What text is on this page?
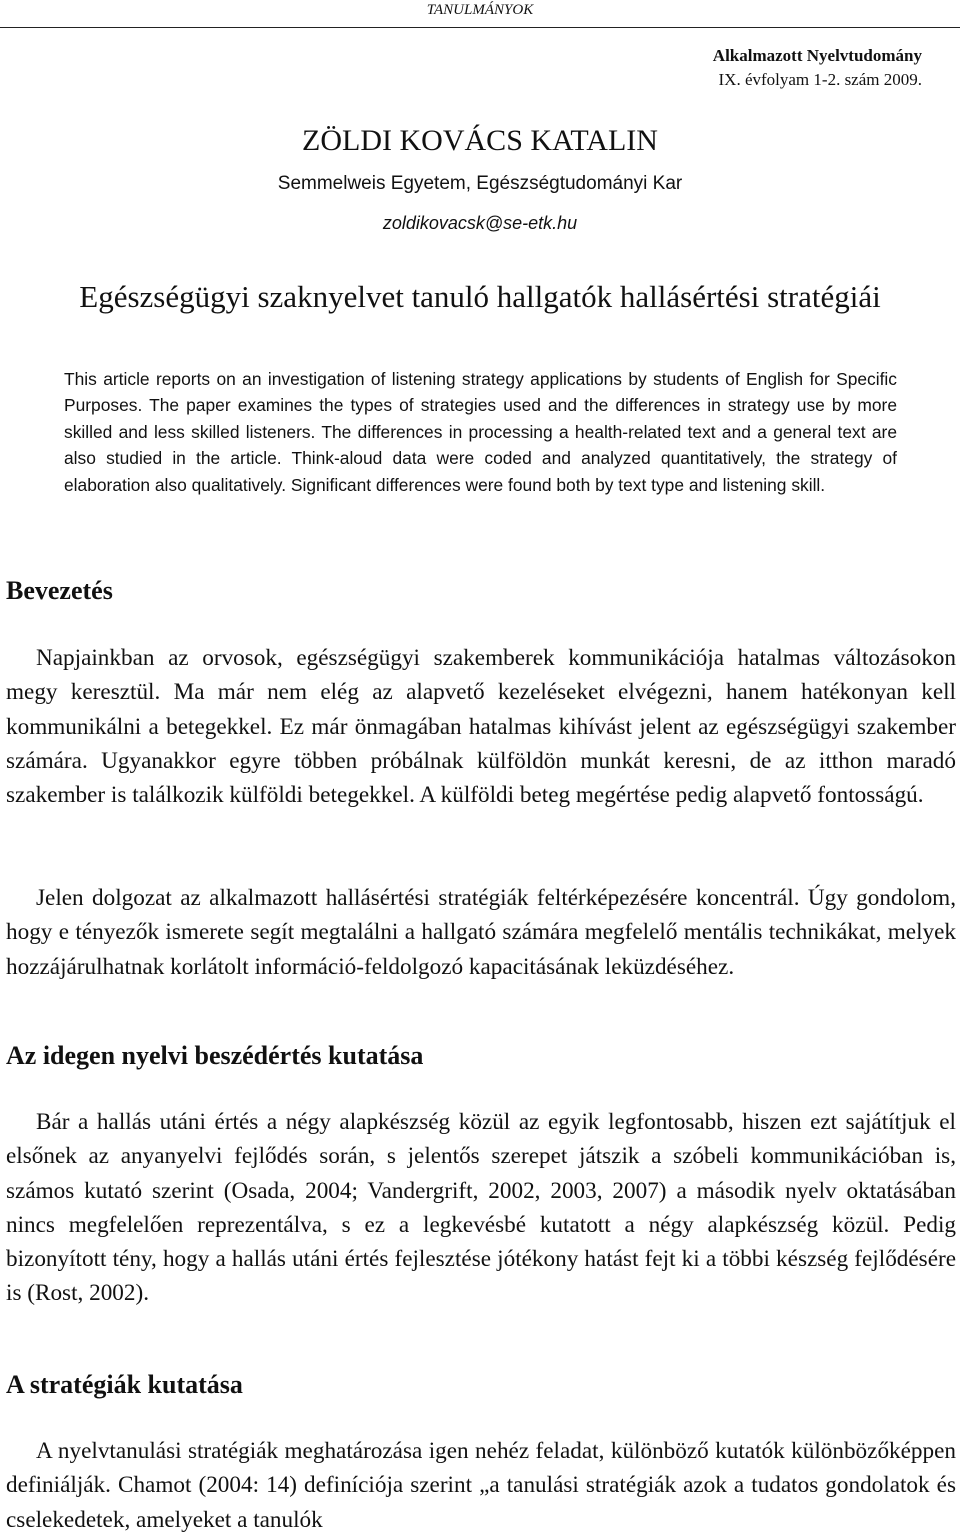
TANULMÁNYOK
Alkalmazott Nyelvtudomány
IX. évfolyam 1-2. szám 2009.
ZÖLDI KOVÁCS KATALIN
Semmelweis Egyetem, Egészségtudományi Kar
zoldikovacsk@se-etk.hu
Egészségügyi szaknyelvet tanuló hallgatók hallásértési stratégiái

This article reports on an investigation of listening strategy applications by students of English for Specific Purposes. The paper examines the types of strategies used and the differences in strategy use by more skilled and less skilled listeners. The differences in processing a health-related text and a general text are also studied in the article. Think-aloud data were coded and analyzed quantitatively, the strategy of elaboration also qualitatively. Significant differences were found both by text type and listening skill.

Bevezetés

Napjainkban az orvosok, egészségügyi szakemberek kommunikációja hatalmas változásokon megy keresztül. Ma már nem elég az alapvető kezeléseket elvégezni, hanem hatékonyan kell kommunikálni a betegekkel. Ez már önmagában hatalmas kihívást jelent az egészségügyi szakember számára. Ugyanakkor egyre többen próbálnak külföldön munkát keresni, de az itthon maradó szakember is találkozik külföldi betegekkel. A külföldi beteg megértése pedig alapvető fontosságú.

Jelen dolgozat az alkalmazott hallásértési stratégiák feltérképezésére koncentrál. Úgy gondolom, hogy e tényezők ismerete segít megtalálni a hallgató számára megfelelő mentális technikákat, melyek hozzájárulhatnak korlátolt információ-feldolgozó kapacitásának leküzdéséhez.

Az idegen nyelvi beszédértés kutatása

Bár a hallás utáni értés a négy alapkészség közül az egyik legfontosabb, hiszen ezt sajátítjuk el elsőnek az anyanyelvi fejlődés során, s jelentős szerepet játszik a szóbeli kommunikációban is, számos kutató szerint (Osada, 2004; Vandergrift, 2002, 2003, 2007) a második nyelv oktatásában nincs megfelelően reprezentálva, s ez a legkevésbé kutatott a négy alapkészség közül. Pedig bizonyított tény, hogy a hallás utáni értés fejlesztése jótékony hatást fejt ki a többi készség fejlődésére is (Rost, 2002).

A stratégiák kutatása

A nyelvtanulási stratégiák meghatározása igen nehéz feladat, különböző kutatók különbözőképpen definiálják. Chamot (2004: 14) definíciója szerint „a tanulási stratégiák azok a tudatos gondolatok és cselekedetek, amelyeket a tanulók
